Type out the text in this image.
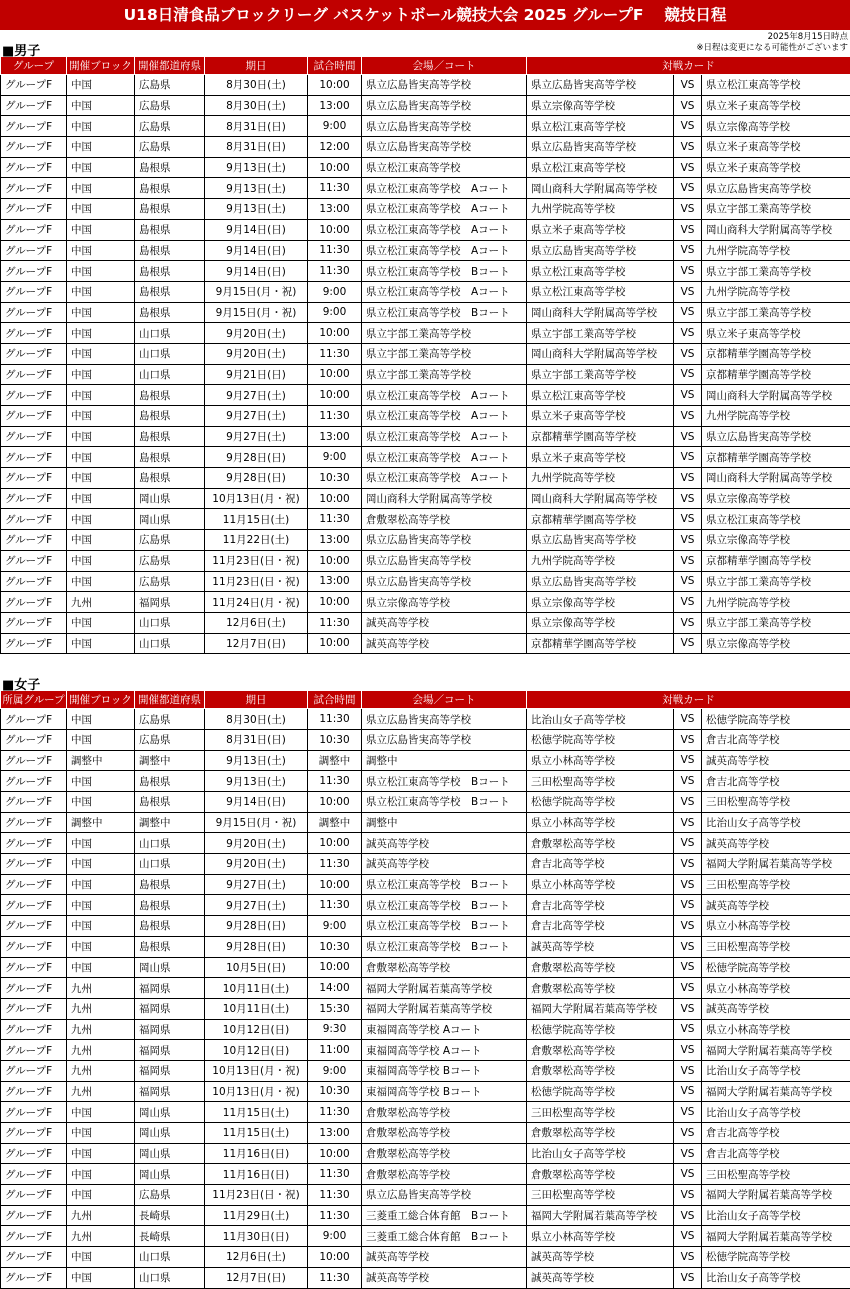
U18日清食品ブロックリーグ バスケットボール競技大会 2025 グループF　 競技日程
2025年8月15日時点
※日程は変更になる可能性がございます
■男子
グループ	開催ブロック	開催都道府県	期日	試合時間	会場／コート	対戦カード		
グループF	中国	広島県	8月30日(土)	10:00	県立広島皆実高等学校	県立広島皆実高等学校	VS	県立松江東高等学校
グループF	中国	広島県	8月30日(土)	13:00	県立広島皆実高等学校	県立宗像高等学校	VS	県立米子東高等学校
グループF	中国	広島県	8月31日(日)	9:00	県立広島皆実高等学校	県立松江東高等学校	VS	県立宗像高等学校
グループF	中国	広島県	8月31日(日)	12:00	県立広島皆実高等学校	県立広島皆実高等学校	VS	県立米子東高等学校
グループF	中国	島根県	9月13日(土)	10:00	県立松江東高等学校	県立松江東高等学校	VS	県立米子東高等学校
グループF	中国	島根県	9月13日(土)	11:30	県立松江東高等学校　Aコート	岡山商科大学附属高等学校	VS	県立広島皆実高等学校
グループF	中国	島根県	9月13日(土)	13:00	県立松江東高等学校　Aコート	九州学院高等学校	VS	県立宇部工業高等学校
グループF	中国	島根県	9月14日(日)	10:00	県立松江東高等学校　Aコート	県立米子東高等学校	VS	岡山商科大学附属高等学校
グループF	中国	島根県	9月14日(日)	11:30	県立松江東高等学校　Aコート	県立広島皆実高等学校	VS	九州学院高等学校
グループF	中国	島根県	9月14日(日)	11:30	県立松江東高等学校　Bコート	県立松江東高等学校	VS	県立宇部工業高等学校
グループF	中国	島根県	9月15日(月・祝)	9:00	県立松江東高等学校　Aコート	県立松江東高等学校	VS	九州学院高等学校
グループF	中国	島根県	9月15日(月・祝)	9:00	県立松江東高等学校　Bコート	岡山商科大学附属高等学校	VS	県立宇部工業高等学校
グループF	中国	山口県	9月20日(土)	10:00	県立宇部工業高等学校	県立宇部工業高等学校	VS	県立米子東高等学校
グループF	中国	山口県	9月20日(土)	11:30	県立宇部工業高等学校	岡山商科大学附属高等学校	VS	京都精華学園高等学校
グループF	中国	山口県	9月21日(日)	10:00	県立宇部工業高等学校	県立宇部工業高等学校	VS	京都精華学園高等学校
グループF	中国	島根県	9月27日(土)	10:00	県立松江東高等学校　Aコート	県立松江東高等学校	VS	岡山商科大学附属高等学校
グループF	中国	島根県	9月27日(土)	11:30	県立松江東高等学校　Aコート	県立米子東高等学校	VS	九州学院高等学校
グループF	中国	島根県	9月27日(土)	13:00	県立松江東高等学校　Aコート	京都精華学園高等学校	VS	県立広島皆実高等学校
グループF	中国	島根県	9月28日(日)	9:00	県立松江東高等学校　Aコート	県立米子東高等学校	VS	京都精華学園高等学校
グループF	中国	島根県	9月28日(日)	10:30	県立松江東高等学校　Aコート	九州学院高等学校	VS	岡山商科大学附属高等学校
グループF	中国	岡山県	10月13日(月・祝)	10:00	岡山商科大学附属高等学校	岡山商科大学附属高等学校	VS	県立宗像高等学校
グループF	中国	岡山県	11月15日(土)	11:30	倉敷翠松高等学校	京都精華学園高等学校	VS	県立松江東高等学校
グループF	中国	広島県	11月22日(土)	13:00	県立広島皆実高等学校	県立広島皆実高等学校	VS	県立宗像高等学校
グループF	中国	広島県	11月23日(日・祝)	10:00	県立広島皆実高等学校	九州学院高等学校	VS	京都精華学園高等学校
グループF	中国	広島県	11月23日(日・祝)	13:00	県立広島皆実高等学校	県立広島皆実高等学校	VS	県立宇部工業高等学校
グループF	九州	福岡県	11月24日(月・祝)	10:00	県立宗像高等学校	県立宗像高等学校	VS	九州学院高等学校
グループF	中国	山口県	12月6日(土)	11:30	誠英高等学校	県立宗像高等学校	VS	県立宇部工業高等学校
グループF	中国	山口県	12月7日(日)	10:00	誠英高等学校	京都精華学園高等学校	VS	県立宗像高等学校
■女子
所属グループ	開催ブロック	開催都道府県	期日	試合時間	会場／コート	対戦カード		
グループF	中国	広島県	8月30日(土)	11:30	県立広島皆実高等学校	比治山女子高等学校	VS	松徳学院高等学校
グループF	中国	広島県	8月31日(日)	10:30	県立広島皆実高等学校	松徳学院高等学校	VS	倉吉北高等学校
グループF	調整中	調整中	9月13日(土)	調整中	調整中	県立小林高等学校	VS	誠英高等学校
グループF	中国	島根県	9月13日(土)	11:30	県立松江東高等学校　Bコート	三田松聖高等学校	VS	倉吉北高等学校
グループF	中国	島根県	9月14日(日)	10:00	県立松江東高等学校　Bコート	松徳学院高等学校	VS	三田松聖高等学校
グループF	調整中	調整中	9月15日(月・祝)	調整中	調整中	県立小林高等学校	VS	比治山女子高等学校
グループF	中国	山口県	9月20日(土)	10:00	誠英高等学校	倉敷翠松高等学校	VS	誠英高等学校
グループF	中国	山口県	9月20日(土)	11:30	誠英高等学校	倉吉北高等学校	VS	福岡大学附属若葉高等学校
グループF	中国	島根県	9月27日(土)	10:00	県立松江東高等学校　Bコート	県立小林高等学校	VS	三田松聖高等学校
グループF	中国	島根県	9月27日(土)	11:30	県立松江東高等学校　Bコート	倉吉北高等学校	VS	誠英高等学校
グループF	中国	島根県	9月28日(日)	9:00	県立松江東高等学校　Bコート	倉吉北高等学校	VS	県立小林高等学校
グループF	中国	島根県	9月28日(日)	10:30	県立松江東高等学校　Bコート	誠英高等学校	VS	三田松聖高等学校
グループF	中国	岡山県	10月5日(日)	10:00	倉敷翠松高等学校	倉敷翠松高等学校	VS	松徳学院高等学校
グループF	九州	福岡県	10月11日(土)	14:00	福岡大学附属若葉高等学校	倉敷翠松高等学校	VS	県立小林高等学校
グループF	九州	福岡県	10月11日(土)	15:30	福岡大学附属若葉高等学校	福岡大学附属若葉高等学校	VS	誠英高等学校
グループF	九州	福岡県	10月12日(日)	9:30	東福岡高等学校 Aコート	松徳学院高等学校	VS	県立小林高等学校
グループF	九州	福岡県	10月12日(日)	11:00	東福岡高等学校 Aコート	倉敷翠松高等学校	VS	福岡大学附属若葉高等学校
グループF	九州	福岡県	10月13日(月・祝)	9:00	東福岡高等学校 Bコート	倉敷翠松高等学校	VS	比治山女子高等学校
グループF	九州	福岡県	10月13日(月・祝)	10:30	東福岡高等学校 Bコート	松徳学院高等学校	VS	福岡大学附属若葉高等学校
グループF	中国	岡山県	11月15日(土)	11:30	倉敷翠松高等学校	三田松聖高等学校	VS	比治山女子高等学校
グループF	中国	岡山県	11月15日(土)	13:00	倉敷翠松高等学校	倉敷翠松高等学校	VS	倉吉北高等学校
グループF	中国	岡山県	11月16日(日)	10:00	倉敷翠松高等学校	比治山女子高等学校	VS	倉吉北高等学校
グループF	中国	岡山県	11月16日(日)	11:30	倉敷翠松高等学校	倉敷翠松高等学校	VS	三田松聖高等学校
グループF	中国	広島県	11月23日(日・祝)	11:30	県立広島皆実高等学校	三田松聖高等学校	VS	福岡大学附属若葉高等学校
グループF	九州	長崎県	11月29日(土)	11:30	三菱重工総合体育館　Bコート	福岡大学附属若葉高等学校	VS	比治山女子高等学校
グループF	九州	長崎県	11月30日(日)	9:00	三菱重工総合体育館　Bコート	県立小林高等学校	VS	福岡大学附属若葉高等学校
グループF	中国	山口県	12月6日(土)	10:00	誠英高等学校	誠英高等学校	VS	松徳学院高等学校
グループF	中国	山口県	12月7日(日)	11:30	誠英高等学校	誠英高等学校	VS	比治山女子高等学校
